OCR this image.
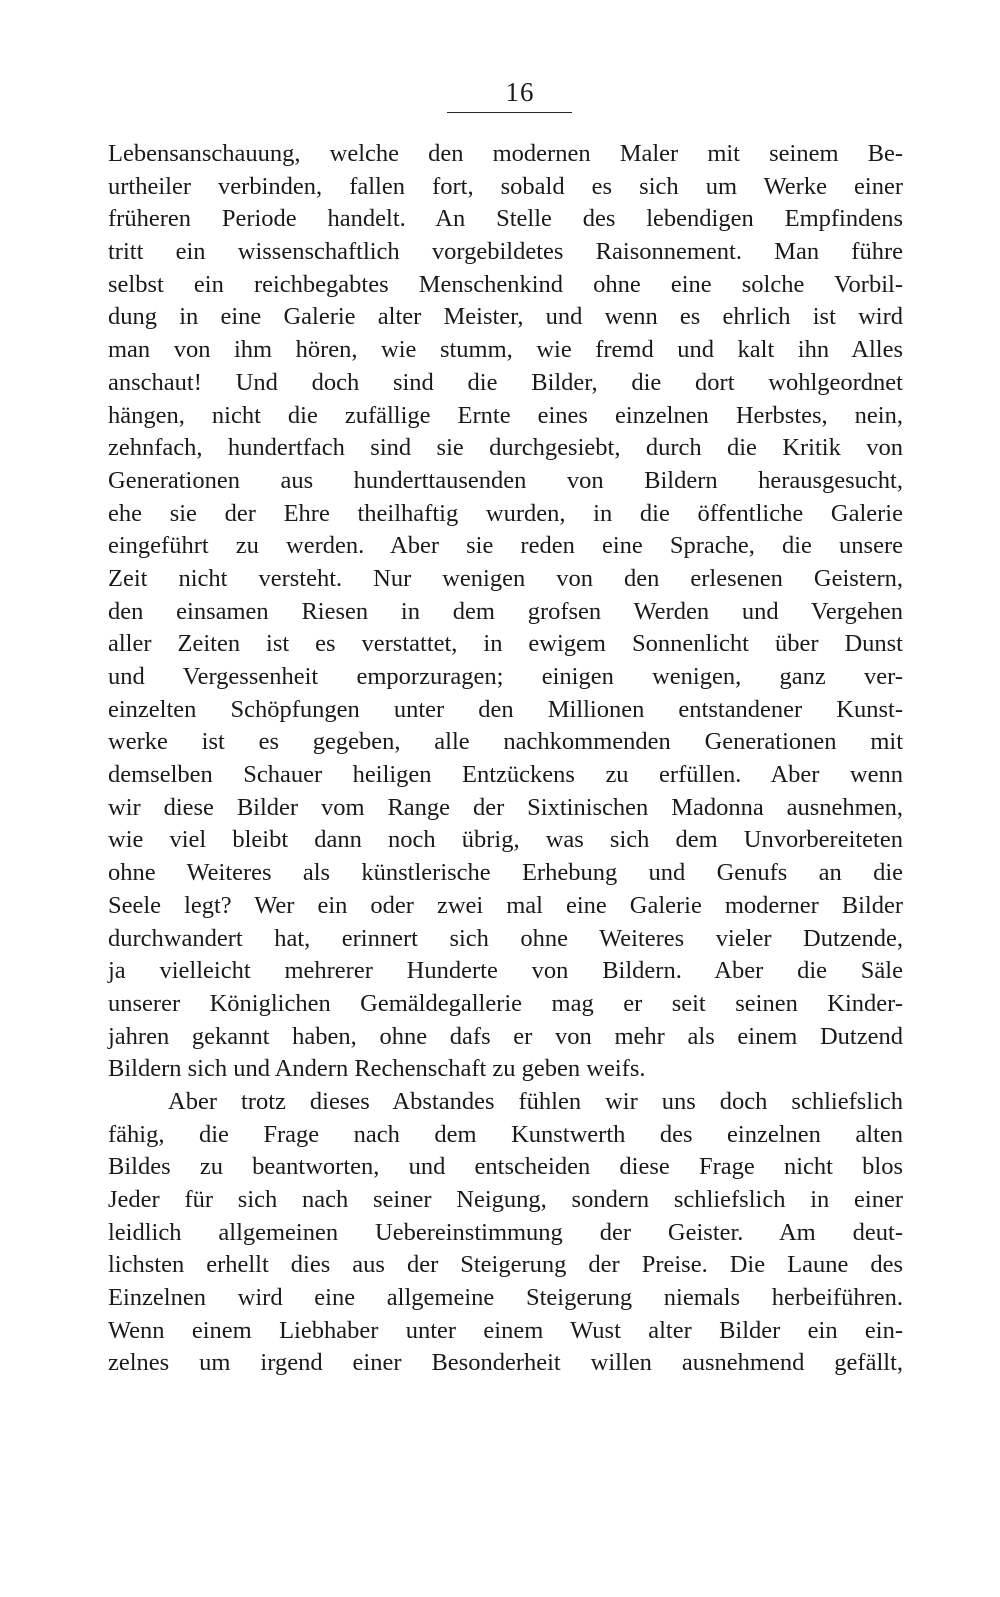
16
Lebensanschauung, welche den modernen Maler mit seinem Be-
urtheiler verbinden, fallen fort, sobald es sich um Werke einer
früheren Periode handelt. An Stelle des lebendigen Empfindens
tritt ein wissenschaftlich vorgebildetes Raisonnement. Man führe
selbst ein reichbegabtes Menschenkind ohne eine solche Vorbil-
dung in eine Galerie alter Meister, und wenn es ehrlich ist wird
man von ihm hören, wie stumm, wie fremd und kalt ihn Alles
anschaut! Und doch sind die Bilder, die dort wohlgeordnet
hängen, nicht die zufällige Ernte eines einzelnen Herbstes, nein,
zehnfach, hundertfach sind sie durchgesiebt, durch die Kritik von
Generationen aus hunderttausenden von Bildern herausgesucht,
ehe sie der Ehre theilhaftig wurden, in die öffentliche Galerie
eingeführt zu werden. Aber sie reden eine Sprache, die unsere
Zeit nicht versteht. Nur wenigen von den erlesenen Geistern,
den einsamen Riesen in dem grofsen Werden und Vergehen
aller Zeiten ist es verstattet, in ewigem Sonnenlicht über Dunst
und Vergessenheit emporzuragen; einigen wenigen, ganz ver-
einzelten Schöpfungen unter den Millionen entstandener Kunst-
werke ist es gegeben, alle nachkommenden Generationen mit
demselben Schauer heiligen Entzückens zu erfüllen. Aber wenn
wir diese Bilder vom Range der Sixtinischen Madonna ausnehmen,
wie viel bleibt dann noch übrig, was sich dem Unvorbereiteten
ohne Weiteres als künstlerische Erhebung und Genufs an die
Seele legt? Wer ein oder zwei mal eine Galerie moderner Bilder
durchwandert hat, erinnert sich ohne Weiteres vieler Dutzende,
ja vielleicht mehrerer Hunderte von Bildern. Aber die Säle
unserer Königlichen Gemäldegallerie mag er seit seinen Kinder-
jahren gekannt haben, ohne dafs er von mehr als einem Dutzend
Bildern sich und Andern Rechenschaft zu geben weifs.
Aber trotz dieses Abstandes fühlen wir uns doch schliefslich
fähig, die Frage nach dem Kunstwerth des einzelnen alten
Bildes zu beantworten, und entscheiden diese Frage nicht blos
Jeder für sich nach seiner Neigung, sondern schliefslich in einer
leidlich allgemeinen Uebereinstimmung der Geister. Am deut-
lichsten erhellt dies aus der Steigerung der Preise. Die Laune des
Einzelnen wird eine allgemeine Steigerung niemals herbeiführen.
Wenn einem Liebhaber unter einem Wust alter Bilder ein ein-
zelnes um irgend einer Besonderheit willen ausnehmend gefällt,
